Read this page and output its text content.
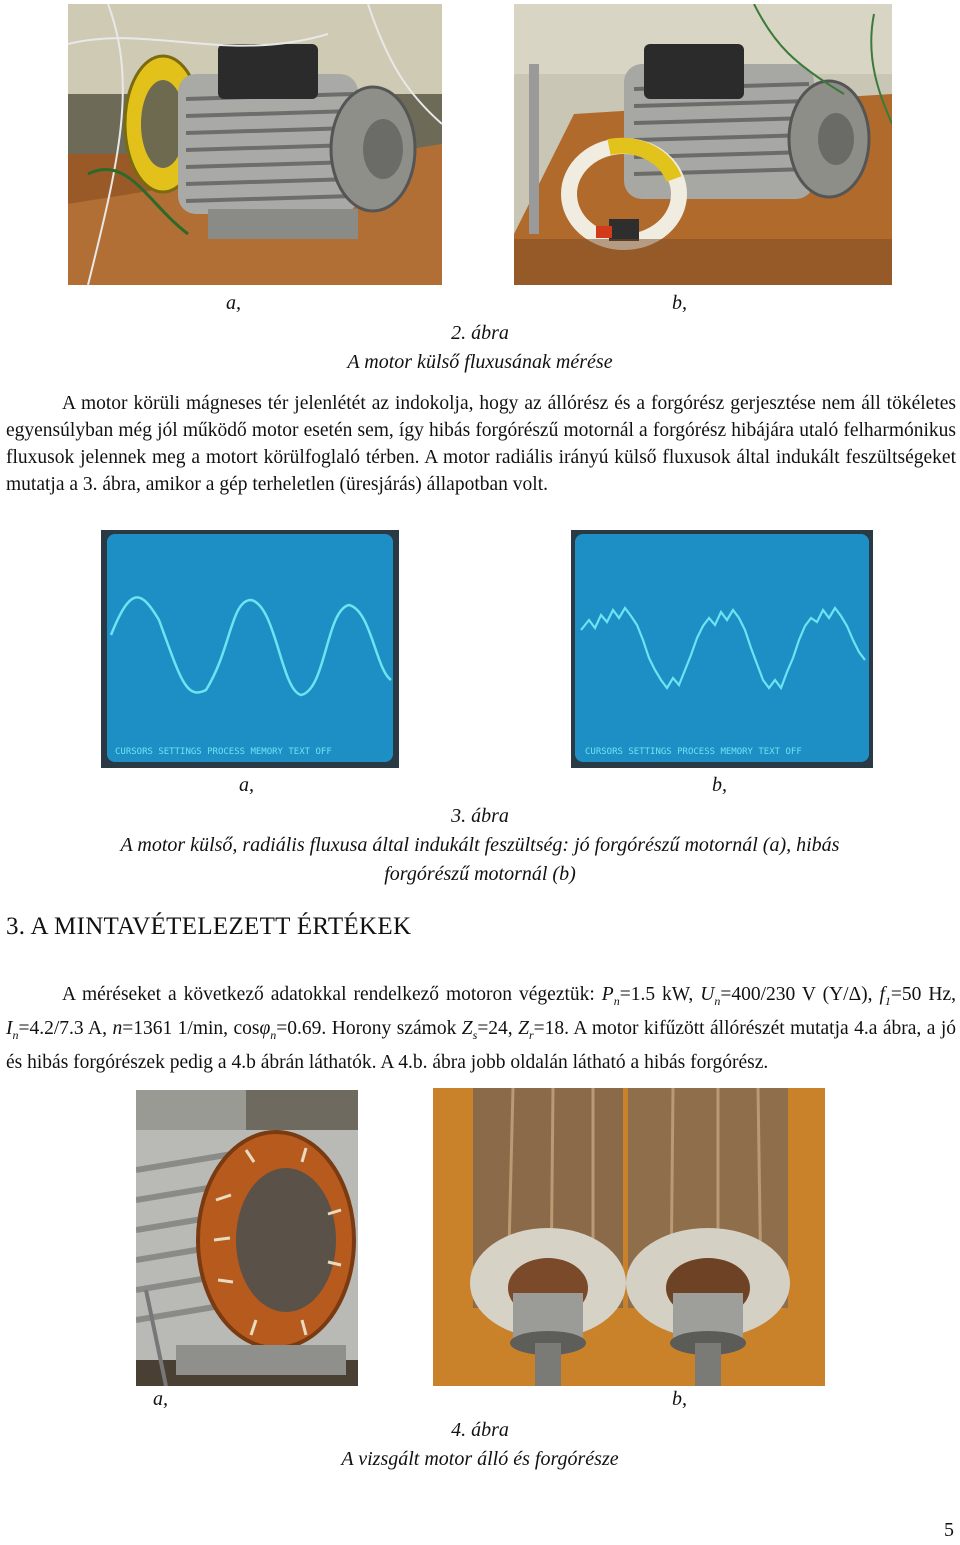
a,	b,
2. ábra
A motor külső fluxusának mérése
A motor körüli mágneses tér jelenlétét az indokolja, hogy az állórész és a forgórész gerjesztése nem áll tökéletes egyensúlyban még jól működő motor esetén sem, így hibás forgórészű motornál a forgórész hibájára utaló felharmónikus fluxusok jelennek meg a motort körülfoglaló térben. A motor radiális irányú külső fluxusok által indukált feszültségeket mutatja a 3. ábra, amikor a gép terheletlen (üresjárás) állapotban volt.
CURSORS SETTINGS PROCESS MEMORY TEXT OFF	CURSORS SETTINGS PROCESS MEMORY TEXT OFF
a,	b,
3. ábra
A motor külső, radiális fluxusa által indukált feszültség: jó forgórészű motornál (a), hibás
forgórészű motornál (b)
3. A MINTAVÉTELEZETT ÉRTÉKEK
A méréseket a következő adatokkal rendelkező motoron végeztük: $P_n=1.5$ kW, $U_n=400/230$ V (Y/Δ), $f_1=50$ Hz, $I_n=4.2/7.3$ A, n=1361 1/min, cosφ$_n$=0.69. Horony számok $Z_s=24$, $Z_r=18$. A motor kifűzött állórészét mutatja 4.a ábra, a jó és hibás forgórészek pedig a 4.b ábrán láthatók. A 4.b. ábra jobb oldalán látható a hibás forgórész.
a,	b,
4. ábra
A vizsgált motor álló és forgórésze
5
